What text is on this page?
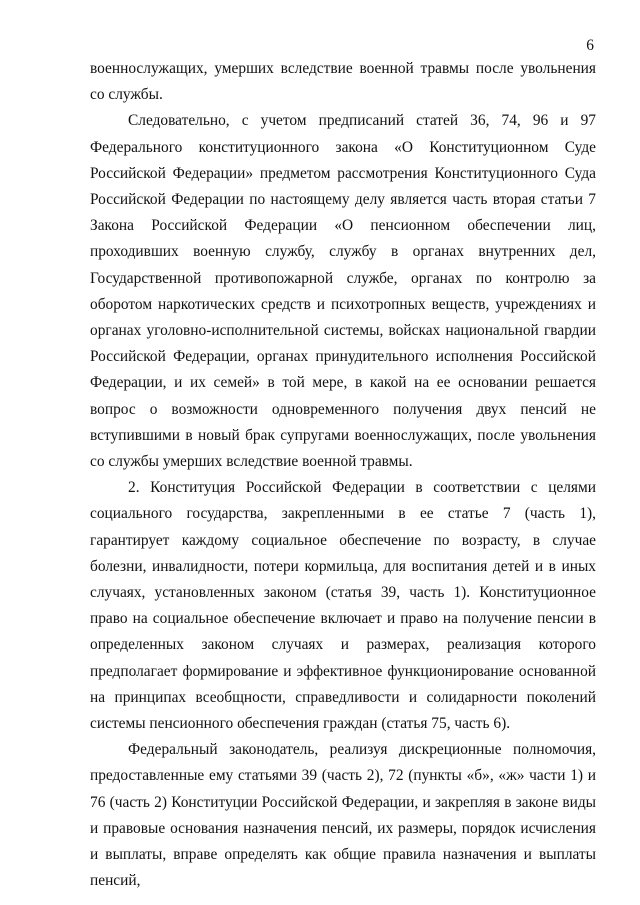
6

военнослужащих, умерших вследствие военной травмы после увольнения со службы.

Следовательно, с учетом предписаний статей 36, 74, 96 и 97 Федерального конституционного закона «О Конституционном Суде Российской Федерации» предметом рассмотрения Конституционного Суда Российской Федерации по настоящему делу является часть вторая статьи 7 Закона Российской Федерации «О пенсионном обеспечении лиц, проходивших военную службу, службу в органах внутренних дел, Государственной противопожарной службе, органах по контролю за оборотом наркотических средств и психотропных веществ, учреждениях и органах уголовно-исполнительной системы, войсках национальной гвардии Российской Федерации, органах принудительного исполнения Российской Федерации, и их семей» в той мере, в какой на ее основании решается вопрос о возможности одновременного получения двух пенсий не вступившими в новый брак супругами военнослужащих, после увольнения со службы умерших вследствие военной травмы.

2. Конституция Российской Федерации в соответствии с целями социального государства, закрепленными в ее статье 7 (часть 1), гарантирует каждому социальное обеспечение по возрасту, в случае болезни, инвалидности, потери кормильца, для воспитания детей и в иных случаях, установленных законом (статья 39, часть 1). Конституционное право на социальное обеспечение включает и право на получение пенсии в определенных законом случаях и размерах, реализация которого предполагает формирование и эффективное функционирование основанной на принципах всеобщности, справедливости и солидарности поколений системы пенсионного обеспечения граждан (статья 75, часть 6).

Федеральный законодатель, реализуя дискреционные полномочия, предоставленные ему статьями 39 (часть 2), 72 (пункты «б», «ж» части 1) и 76 (часть 2) Конституции Российской Федерации, и закрепляя в законе виды и правовые основания назначения пенсий, их размеры, порядок исчисления и выплаты, вправе определять как общие правила назначения и выплаты пенсий,
